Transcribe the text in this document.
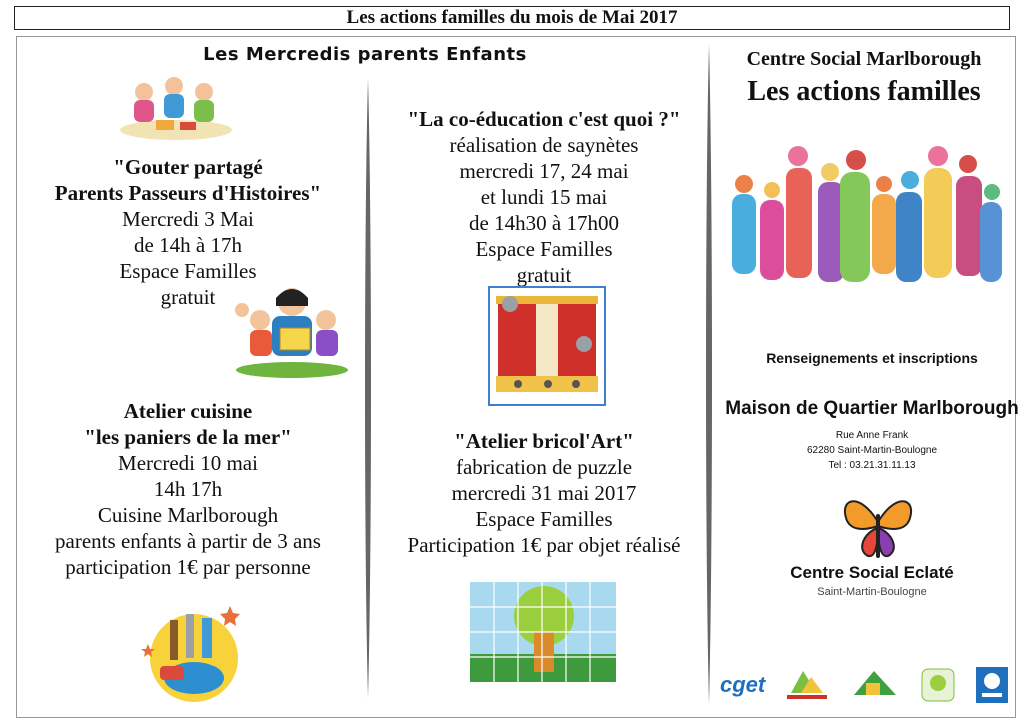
Les actions familles du mois de Mai 2017
Les Mercredis parents Enfants
"Gouter partagé
Parents Passeurs d'Histoires"
Mercredi 3 Mai
de 14h à 17h
Espace Familles
gratuit
Atelier cuisine
"les paniers de la mer"
Mercredi 10 mai
14h 17h
Cuisine Marlborough
parents enfants à partir de 3 ans
participation 1€ par personne
"La co-éducation c'est quoi ?"
réalisation de saynètes
mercredi 17, 24 mai
et lundi 15 mai
de 14h30 à 17h00
Espace Familles
gratuit
"Atelier bricol'Art"
fabrication de puzzle
mercredi 31 mai 2017
Espace Familles
Participation 1€ par objet réalisé
Centre Social Marlborough
Les actions familles
Renseignements et inscriptions
Maison de Quartier Marlborough
Rue Anne Frank
62280 Saint-Martin-Boulogne
Tel : 03.21.31.11.13
Centre Social Eclaté
Saint-Martin-Boulogne
cget
